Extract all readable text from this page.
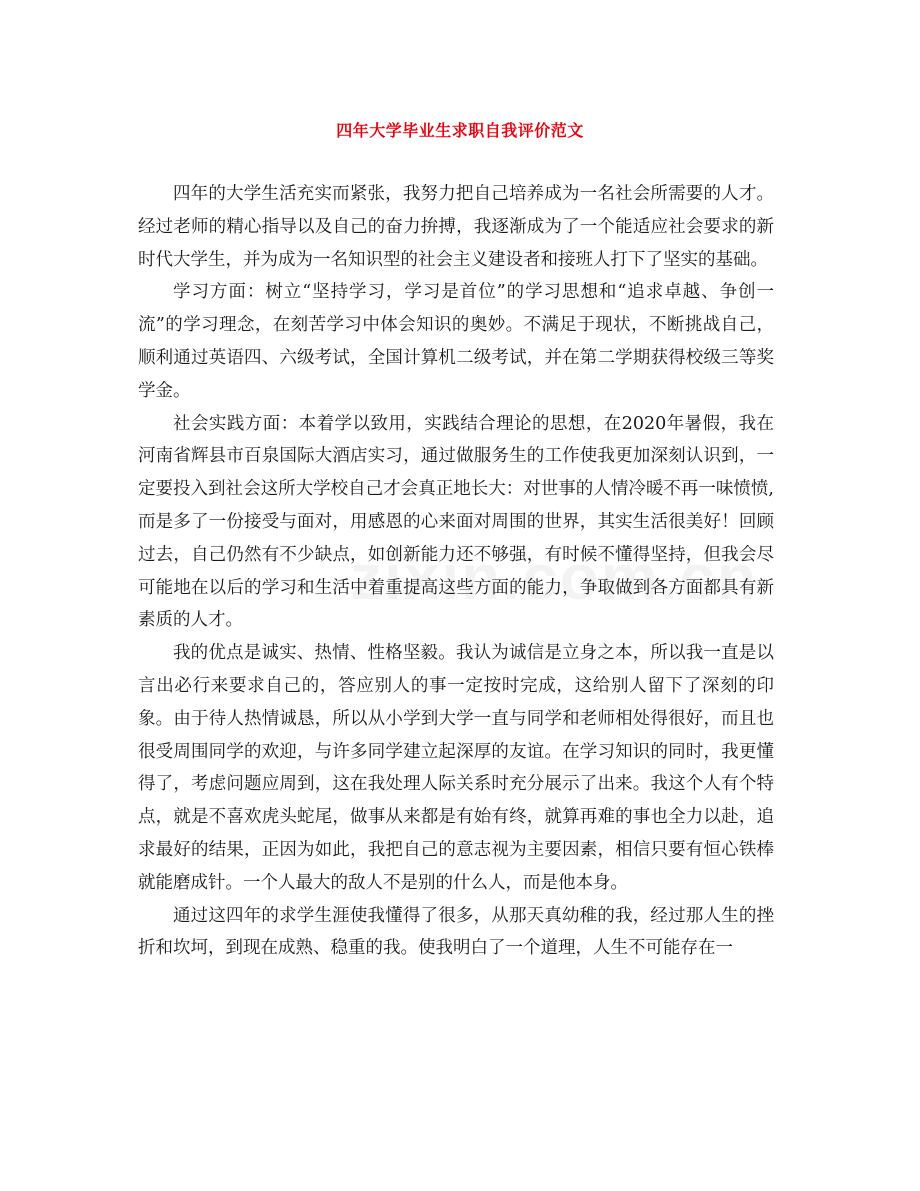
四年大学毕业生求职自我评价范文

四年的大学生活充实而紧张，我努力把自己培养成为一名社会所需要的人才。经过老师的精心指导以及自己的奋力拚搏，我逐渐成为了一个能适应社会要求的新时代大学生，并为成为一名知识型的社会主义建设者和接班人打下了坚实的基础。

学习方面：树立“坚持学习，学习是首位”的学习思想和“追求卓越、争创一流”的学习理念，在刻苦学习中体会知识的奥妙。不满足于现状，不断挑战自己，顺利通过英语四、六级考试，全国计算机二级考试，并在第二学期获得校级三等奖学金。

社会实践方面：本着学以致用，实践结合理论的思想，在2020年暑假，我在河南省辉县市百泉国际大酒店实习，通过做服务生的工作使我更加深刻认识到，一定要投入到社会这所大学校自己才会真正地长大：对世事的人情冷暖不再一味愤愤,而是多了一份接受与面对，用感恩的心来面对周围的世界，其实生活很美好！回顾过去，自己仍然有不少缺点，如创新能力还不够强，有时候不懂得坚持，但我会尽可能地在以后的学习和生活中着重提高这些方面的能力，争取做到各方面都具有新素质的人才。

我的优点是诚实、热情、性格坚毅。我认为诚信是立身之本，所以我一直是以言出必行来要求自己的，答应别人的事一定按时完成，这给别人留下了深刻的印象。由于待人热情诚恳，所以从小学到大学一直与同学和老师相处得很好，而且也很受周围同学的欢迎，与许多同学建立起深厚的友谊。在学习知识的同时，我更懂得了，考虑问题应周到，这在我处理人际关系时充分展示了出来。我这个人有个特点，就是不喜欢虎头蛇尾，做事从来都是有始有终，就算再难的事也全力以赴，追求最好的结果，正因为如此，我把自己的意志视为主要因素，相信只要有恒心铁棒就能磨成针。一个人最大的敌人不是别的什么人，而是他本身。

通过这四年的求学生涯使我懂得了很多，从那天真幼稚的我，经过那人生的挫折和坎坷，到现在成熟、稳重的我。使我明白了一个道理，人生不可能存在一
